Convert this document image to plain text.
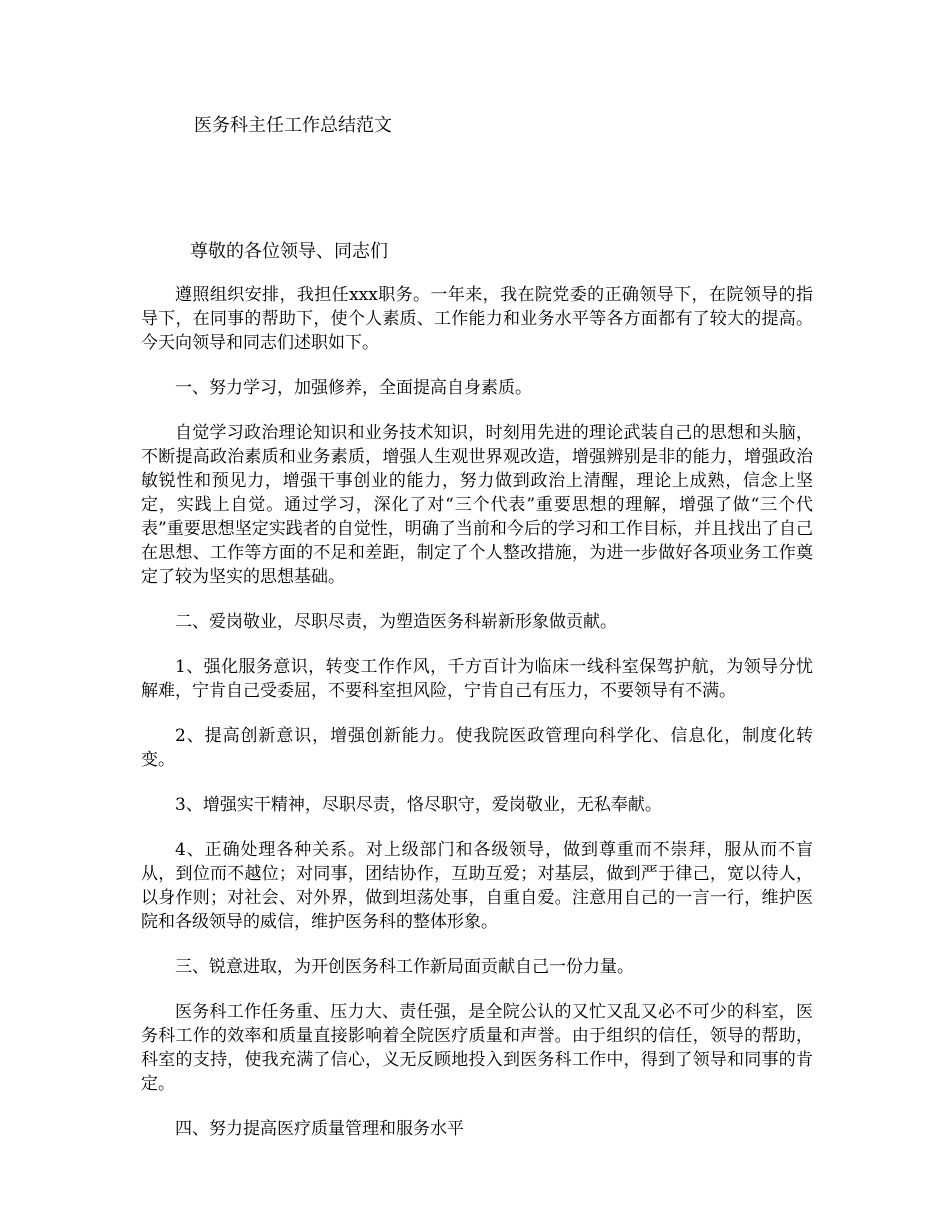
医务科主任工作总结范文
尊敬的各位领导、同志们

遵照组织安排，我担任xxx职务。一年来，我在院党委的正确领导下，在院领导的指导下，在同事的帮助下，使个人素质、工作能力和业务水平等各方面都有了较大的提高。今天向领导和同志们述职如下。

一、努力学习，加强修养，全面提高自身素质。

自觉学习政治理论知识和业务技术知识，时刻用先进的理论武装自己的思想和头脑，不断提高政治素质和业务素质，增强人生观世界观改造，增强辨别是非的能力，增强政治敏锐性和预见力，增强干事创业的能力，努力做到政治上清醒，理论上成熟，信念上坚定，实践上自觉。通过学习，深化了对“三个代表”重要思想的理解，增强了做“三个代表”重要思想坚定实践者的自觉性，明确了当前和今后的学习和工作目标，并且找出了自己在思想、工作等方面的不足和差距，制定了个人整改措施，为进一步做好各项业务工作奠定了较为坚实的思想基础。

二、爱岗敬业，尽职尽责，为塑造医务科崭新形象做贡献。

1、强化服务意识，转变工作作风，千方百计为临床一线科室保驾护航，为领导分忧解难，宁肯自己受委屈，不要科室担风险，宁肯自己有压力，不要领导有不满。

2、提高创新意识，增强创新能力。使我院医政管理向科学化、信息化，制度化转变。

3、增强实干精神，尽职尽责，恪尽职守，爱岗敬业，无私奉献。

4、正确处理各种关系。对上级部门和各级领导，做到尊重而不崇拜，服从而不盲从，到位而不越位；对同事，团结协作，互助互爱；对基层，做到严于律己，宽以待人，以身作则；对社会、对外界，做到坦荡处事，自重自爱。注意用自己的一言一行，维护医院和各级领导的威信，维护医务科的整体形象。

三、锐意进取，为开创医务科工作新局面贡献自己一份力量。

医务科工作任务重、压力大、责任强，是全院公认的又忙又乱又必不可少的科室，医务科工作的效率和质量直接影响着全院医疗质量和声誉。由于组织的信任，领导的帮助，科室的支持，使我充满了信心，义无反顾地投入到医务科工作中，得到了领导和同事的肯定。

四、努力提高医疗质量管理和服务水平
